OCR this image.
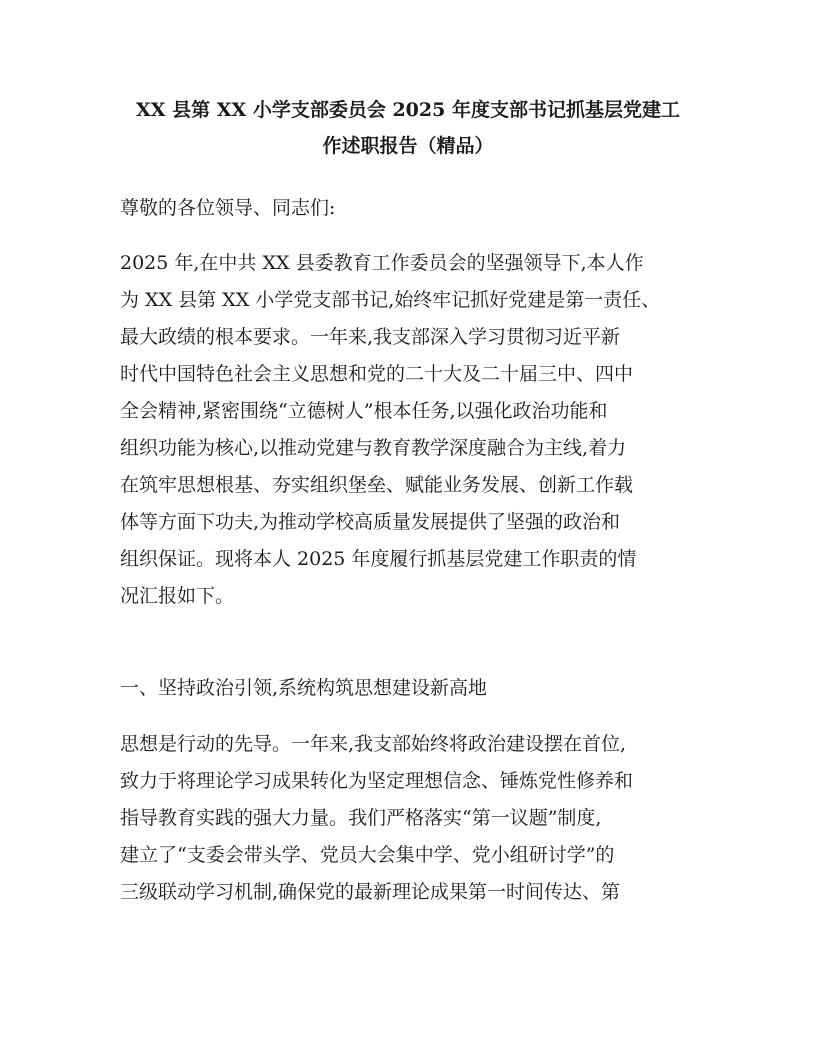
XX 县第 XX 小学支部委员会 2025 年度支部书记抓基层党建工
作述职报告（精品）

尊敬的各位领导、同志们:

2025 年,在中共 XX 县委教育工作委员会的坚强领导下,本人作
为 XX 县第 XX 小学党支部书记,始终牢记抓好党建是第一责任、
最大政绩的根本要求。一年来,我支部深入学习贯彻习近平新
时代中国特色社会主义思想和党的二十大及二十届三中、四中
全会精神,紧密围绕“立德树人”根本任务,以强化政治功能和
组织功能为核心,以推动党建与教育教学深度融合为主线,着力
在筑牢思想根基、夯实组织堡垒、赋能业务发展、创新工作载
体等方面下功夫,为推动学校高质量发展提供了坚强的政治和
组织保证。现将本人 2025 年度履行抓基层党建工作职责的情
况汇报如下。

一、坚持政治引领,系统构筑思想建设新高地

思想是行动的先导。一年来,我支部始终将政治建设摆在首位,
致力于将理论学习成果转化为坚定理想信念、锤炼党性修养和
指导教育实践的强大力量。我们严格落实“第一议题”制度,
建立了“支委会带头学、党员大会集中学、党小组研讨学”的
三级联动学习机制,确保党的最新理论成果第一时间传达、第
